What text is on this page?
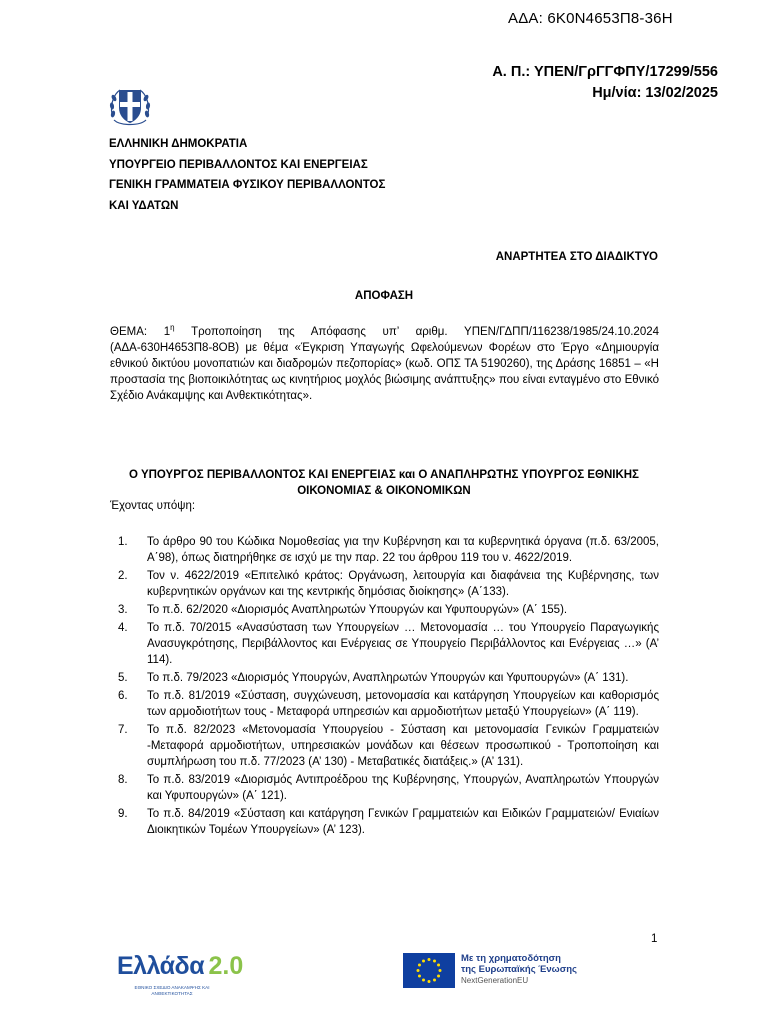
ΑΔΑ: 6Κ0Ν4653Π8-36Η
Α. Π.: ΥΠΕΝ/ΓρΓΓΦΠΥ/17299/556
Ημ/νία: 13/02/2025
ΕΛΛΗΝΙΚΗ ΔΗΜΟΚΡΑΤΙΑ
ΥΠΟΥΡΓΕΙΟ ΠΕΡΙΒΑΛΛΟΝΤΟΣ ΚΑΙ ΕΝΕΡΓΕΙΑΣ
ΓΕΝΙΚΗ ΓΡΑΜΜΑΤΕΙΑ ΦΥΣΙΚΟΥ ΠΕΡΙΒΑΛΛΟΝΤΟΣ
ΚΑΙ ΥΔΑΤΩΝ
ΑΝΑΡΤΗΤΕΑ ΣΤΟ ΔΙΑΔΙΚΤΥΟ
ΑΠΟΦΑΣΗ
ΘΕΜΑ: $1^\eta$ Τροποποίηση της Απόφασης υπ’ αριθμ. ΥΠΕΝ/ΓΔΠΠ/116238/1985/24.10.2024 (ΑΔΑ-630Η4653Π8-8ΟΒ) με θέμα «Έγκριση Υπαγωγής Ωφελούμενων Φορέων στο Έργο «Δημιουργία εθνικού δικτύου μονοπατιών και διαδρομών πεζοπορίας» (κωδ. ΟΠΣ ΤΑ 5190260), της Δράσης 16851 – «Η προστασία της βιοποικιλότητας ως κινητήριος μοχλός βιώσιμης ανάπτυξης» που είναι ενταγμένο στο Εθνικό Σχέδιο Ανάκαμψης και Ανθεκτικότητας».
Ο ΥΠΟΥΡΓΟΣ ΠΕΡΙΒΑΛΛΟΝΤΟΣ ΚΑΙ ΕΝΕΡΓΕΙΑΣ και Ο ΑΝΑΠΛΗΡΩΤΗΣ ΥΠΟΥΡΓΟΣ ΕΘΝΙΚΗΣ ΟΙΚΟΝΟΜΙΑΣ & ΟΙΚΟΝΟΜΙΚΩΝ
Έχοντας υπόψη:
1. Το άρθρο 90 του Κώδικα Νομοθεσίας για την Κυβέρνηση και τα κυβερνητικά όργανα (π.δ. 63/2005, Α΄98), όπως διατηρήθηκε σε ισχύ με την παρ. 22 του άρθρου 119 του ν. 4622/2019.
2. Τον ν. 4622/2019 «Επιτελικό κράτος: Οργάνωση, λειτουργία και διαφάνεια της Κυβέρνησης, των κυβερνητικών οργάνων και της κεντρικής δημόσιας διοίκησης» (Α΄133).
3. Το π.δ. 62/2020 «Διορισμός Αναπληρωτών Υπουργών και Υφυπουργών» (Α΄ 155).
4. Το π.δ. 70/2015 «Ανασύσταση των Υπουργείων … Μετονομασία … του Υπουργείο Παραγωγικής Ανασυγκρότησης, Περιβάλλοντος και Ενέργειας σε Υπουργείο Περιβάλλοντος και Ενέργειας …» (Α’ 114).
5. Το π.δ. 79/2023 «Διορισμός Υπουργών, Αναπληρωτών Υπουργών και Υφυπουργών» (Α΄ 131).
6. Το π.δ. 81/2019 «Σύσταση, συγχώνευση, μετονομασία και κατάργηση Υπουργείων και καθορισμός των αρμοδιοτήτων τους - Μεταφορά υπηρεσιών και αρμοδιοτήτων μεταξύ Υπουργείων» (Α΄ 119).
7. Το π.δ. 82/2023 «Μετονομασία Υπουργείου - Σύσταση και μετονομασία Γενικών Γραμματειών -Μεταφορά αρμοδιοτήτων, υπηρεσιακών μονάδων και θέσεων προσωπικού - Τροποποίηση και συμπλήρωση του π.δ. 77/2023 (Α’ 130) - Μεταβατικές διατάξεις.» (Α’ 131).
8. Το π.δ. 83/2019 «Διορισμός Αντιπροέδρου της Κυβέρνησης, Υπουργών, Αναπληρωτών Υπουργών και Υφυπουργών» (Α΄ 121).
9. Το π.δ. 84/2019 «Σύσταση και κατάργηση Γενικών Γραμματειών και Ειδικών Γραμματειών/ Ενιαίων Διοικητικών Τομέων Υπουργείων» (Α’ 123).
1
Ελλάδα 2.0
ΕΘΝΙΚΟ ΣΧΕΔΙΟ ΑΝΑΚΑΜΨΗΣ ΚΑΙ ΑΝΘΕΚΤΙΚΟΤΗΤΑΣ
Με τη χρηματοδότηση
της Ευρωπαϊκής Ένωσης
NextGenerationEU
